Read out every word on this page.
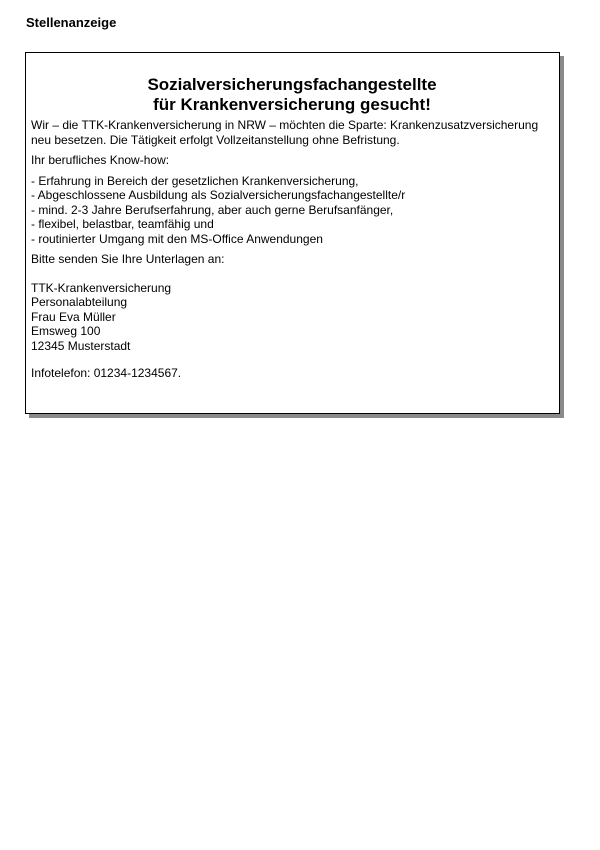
Stellenanzeige
Sozialversicherungsfachangestellte
für Krankenversicherung gesucht!

Wir – die TTK-Krankenversicherung in NRW – möchten die Sparte: Krankenzusatzversicherung neu besetzen. Die Tätigkeit erfolgt Vollzeitanstellung ohne Befristung.

Ihr berufliches Know-how:

- Erfahrung in Bereich der gesetzlichen Krankenversicherung,
- Abgeschlossene Ausbildung als Sozialversicherungsfachangestellte/r
- mind. 2-3 Jahre Berufserfahrung, aber auch gerne Berufsanfänger,
- flexibel, belastbar, teamfähig und
- routinierter Umgang mit den MS-Office Anwendungen

Bitte senden Sie Ihre Unterlagen an:

TTK-Krankenversicherung
Personalabteilung
Frau Eva Müller
Emsweg 100
12345 Musterstadt
Infotelefon: 01234-1234567.
